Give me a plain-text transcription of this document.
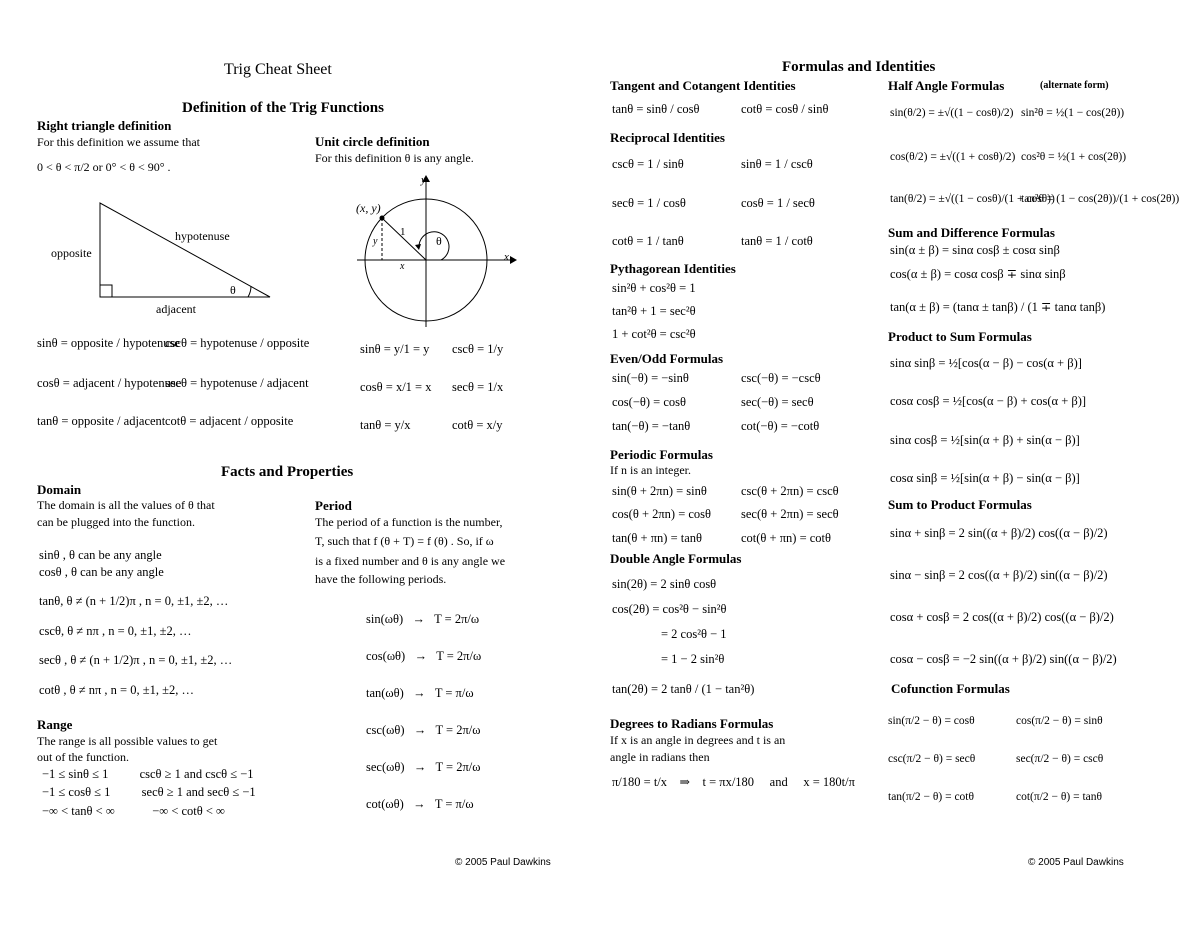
Trig Cheat Sheet
Definition of the Trig Functions
Right triangle definition
For this definition we assume that
0 < θ < π/2 or 0° < θ < 90° .
hypotenuse
opposite
adjacent
θ
sinθ = opposite / hypotenuse
cscθ = hypotenuse / opposite
cosθ = adjacent / hypotenuse
secθ = hypotenuse / adjacent
tanθ = opposite / adjacent cotθ = adjacent / opposite
Unit circle definition
For this definition θ is any angle.
y
x
(x, y)
1
y
x
θ
sinθ = y/1 = y cscθ = 1/y
cosθ = x/1 = x secθ = 1/x
tanθ = y/x	cotθ = x/y
Facts and Properties
Domain
The domain is all the values of θ that
can be plugged into the function.
sinθ , θ can be any angle
cosθ , θ can be any angle
tanθ, θ ≠ (n + 1/2)π , n = 0, ±1, ±2, …
cscθ, θ ≠ nπ , n = 0, ±1, ±2, …
secθ , θ ≠ (n + 1/2)π , n = 0, ±1, ±2, …
cotθ , θ ≠ nπ , n = 0, ±1, ±2, …
Range
The range is all possible values to get
out of the function.
−1 ≤ sinθ ≤ 1          cscθ ≥ 1 and cscθ ≤ −1
−1 ≤ cosθ ≤ 1          secθ ≥ 1 and secθ ≤ −1
−∞ < tanθ < ∞            −∞ < cotθ < ∞
Period
The period of a function is the number,
T, such that f (θ + T) = f (θ) . So, if ω
is a fixed number and θ is any angle we
have the following periods.
sin(ωθ)   →   T = 2π/ω
cos(ωθ)   →   T = 2π/ω
tan(ωθ)   →   T = π/ω
csc(ωθ)   →   T = 2π/ω
sec(ωθ)   →   T = 2π/ω
cot(ωθ)   →   T = π/ω
© 2005 Paul Dawkins
Formulas and Identities
Tangent and Cotangent Identities
tanθ = sinθ / cosθ	cotθ = cosθ / sinθ
Reciprocal Identities
cscθ = 1 / sinθ	sinθ = 1 / cscθ
secθ = 1 / cosθ	cosθ = 1 / secθ
cotθ = 1 / tanθ	tanθ = 1 / cotθ
Pythagorean Identities
sin²θ + cos²θ = 1
tan²θ + 1 = sec²θ
1 + cot²θ = csc²θ
Even/Odd Formulas
sin(−θ) = −sinθ	csc(−θ) = −cscθ
cos(−θ) = cosθ	sec(−θ) = secθ
tan(−θ) = −tanθ	cot(−θ) = −cotθ
Periodic Formulas
If n is an integer.
sin(θ + 2πn) = sinθ	csc(θ + 2πn) = cscθ
cos(θ + 2πn) = cosθ sec(θ + 2πn) = secθ
tan(θ + πn) = tanθ	cot(θ + πn) = cotθ
Double Angle Formulas
sin(2θ) = 2 sinθ cosθ
cos(2θ) = cos²θ − sin²θ
= 2 cos²θ − 1
= 1 − 2 sin²θ
tan(2θ) = 2 tanθ / (1 − tan²θ)
Degrees to Radians Formulas
If x is an angle in degrees and t is an
angle in radians then
π/180 = t/x    ⇒    t = πx/180     and     x = 180t/π
Half Angle Formulas	(alternate form)
sin(θ/2) = ±√((1 − cosθ)/2) sin²θ = ½(1 − cos(2θ))
cos(θ/2) = ±√((1 + cosθ)/2) cos²θ = ½(1 + cos(2θ))
tan(θ/2) = ±√((1 − cosθ)/(1 + cosθ))
tan²θ = (1 − cos(2θ))/(1 + cos(2θ))
Sum and Difference Formulas
sin(α ± β) = sinα cosβ ± cosα sinβ
cos(α ± β) = cosα cosβ ∓ sinα sinβ
tan(α ± β) = (tanα ± tanβ) / (1 ∓ tanα tanβ)
Product to Sum Formulas
sinα sinβ = ½[cos(α − β) − cos(α + β)]
cosα cosβ = ½[cos(α − β) + cos(α + β)]
sinα cosβ = ½[sin(α + β) + sin(α − β)]
cosα sinβ = ½[sin(α + β) − sin(α − β)]
Sum to Product Formulas
sinα + sinβ = 2 sin((α + β)/2) cos((α − β)/2)
sinα − sinβ = 2 cos((α + β)/2) sin((α − β)/2)
cosα + cosβ = 2 cos((α + β)/2) cos((α − β)/2)
cosα − cosβ = −2 sin((α + β)/2) sin((α − β)/2)
Cofunction Formulas
sin(π/2 − θ) = cosθ	cos(π/2 − θ) = sinθ
csc(π/2 − θ) = secθ	sec(π/2 − θ) = cscθ
tan(π/2 − θ) = cotθ	cot(π/2 − θ) = tanθ
© 2005 Paul Dawkins
